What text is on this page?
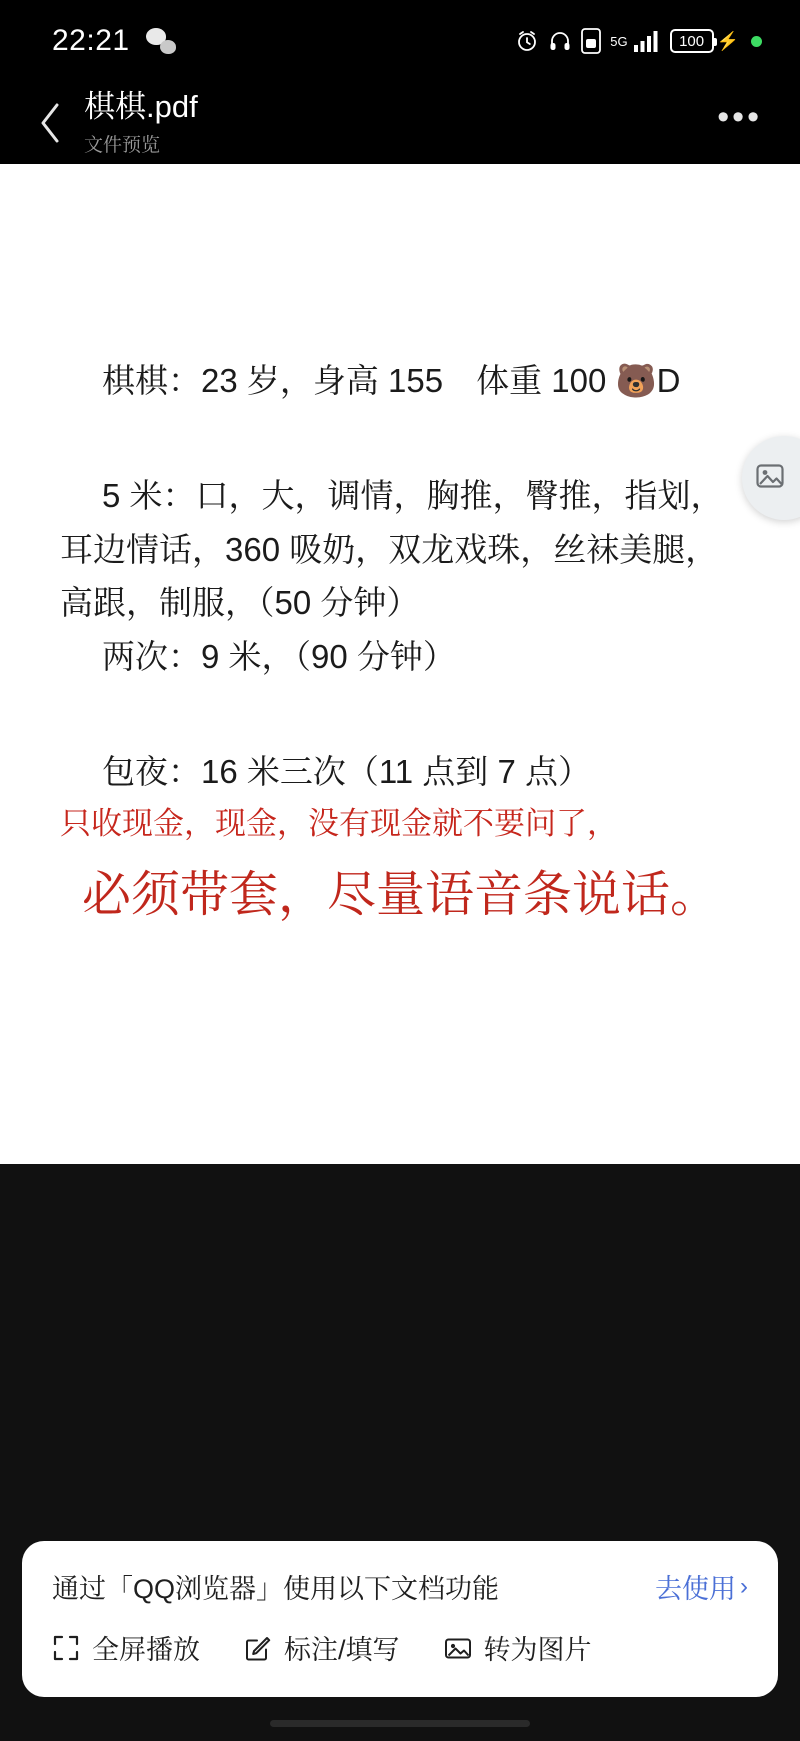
22:21	5G	100 ⚡
棋棋.pdf
文件预览
•••

棋棋：23 岁，身高 155　体重 100 🐻D

5 米：口，大，调情，胸推，臀推，指划，耳边情话，360 吸奶，双龙戏珠，丝袜美腿，高跟，制服，（50 分钟）

两次：9 米，（90 分钟）

包夜：16 米三次（11 点到 7 点）

只收现金，现金，没有现金就不要问了，

必须带套，尽量语音条说话。

通过「QQ浏览器」使用以下文档功能	去使用 ›
全屏播放	标注/填写	转为图片
